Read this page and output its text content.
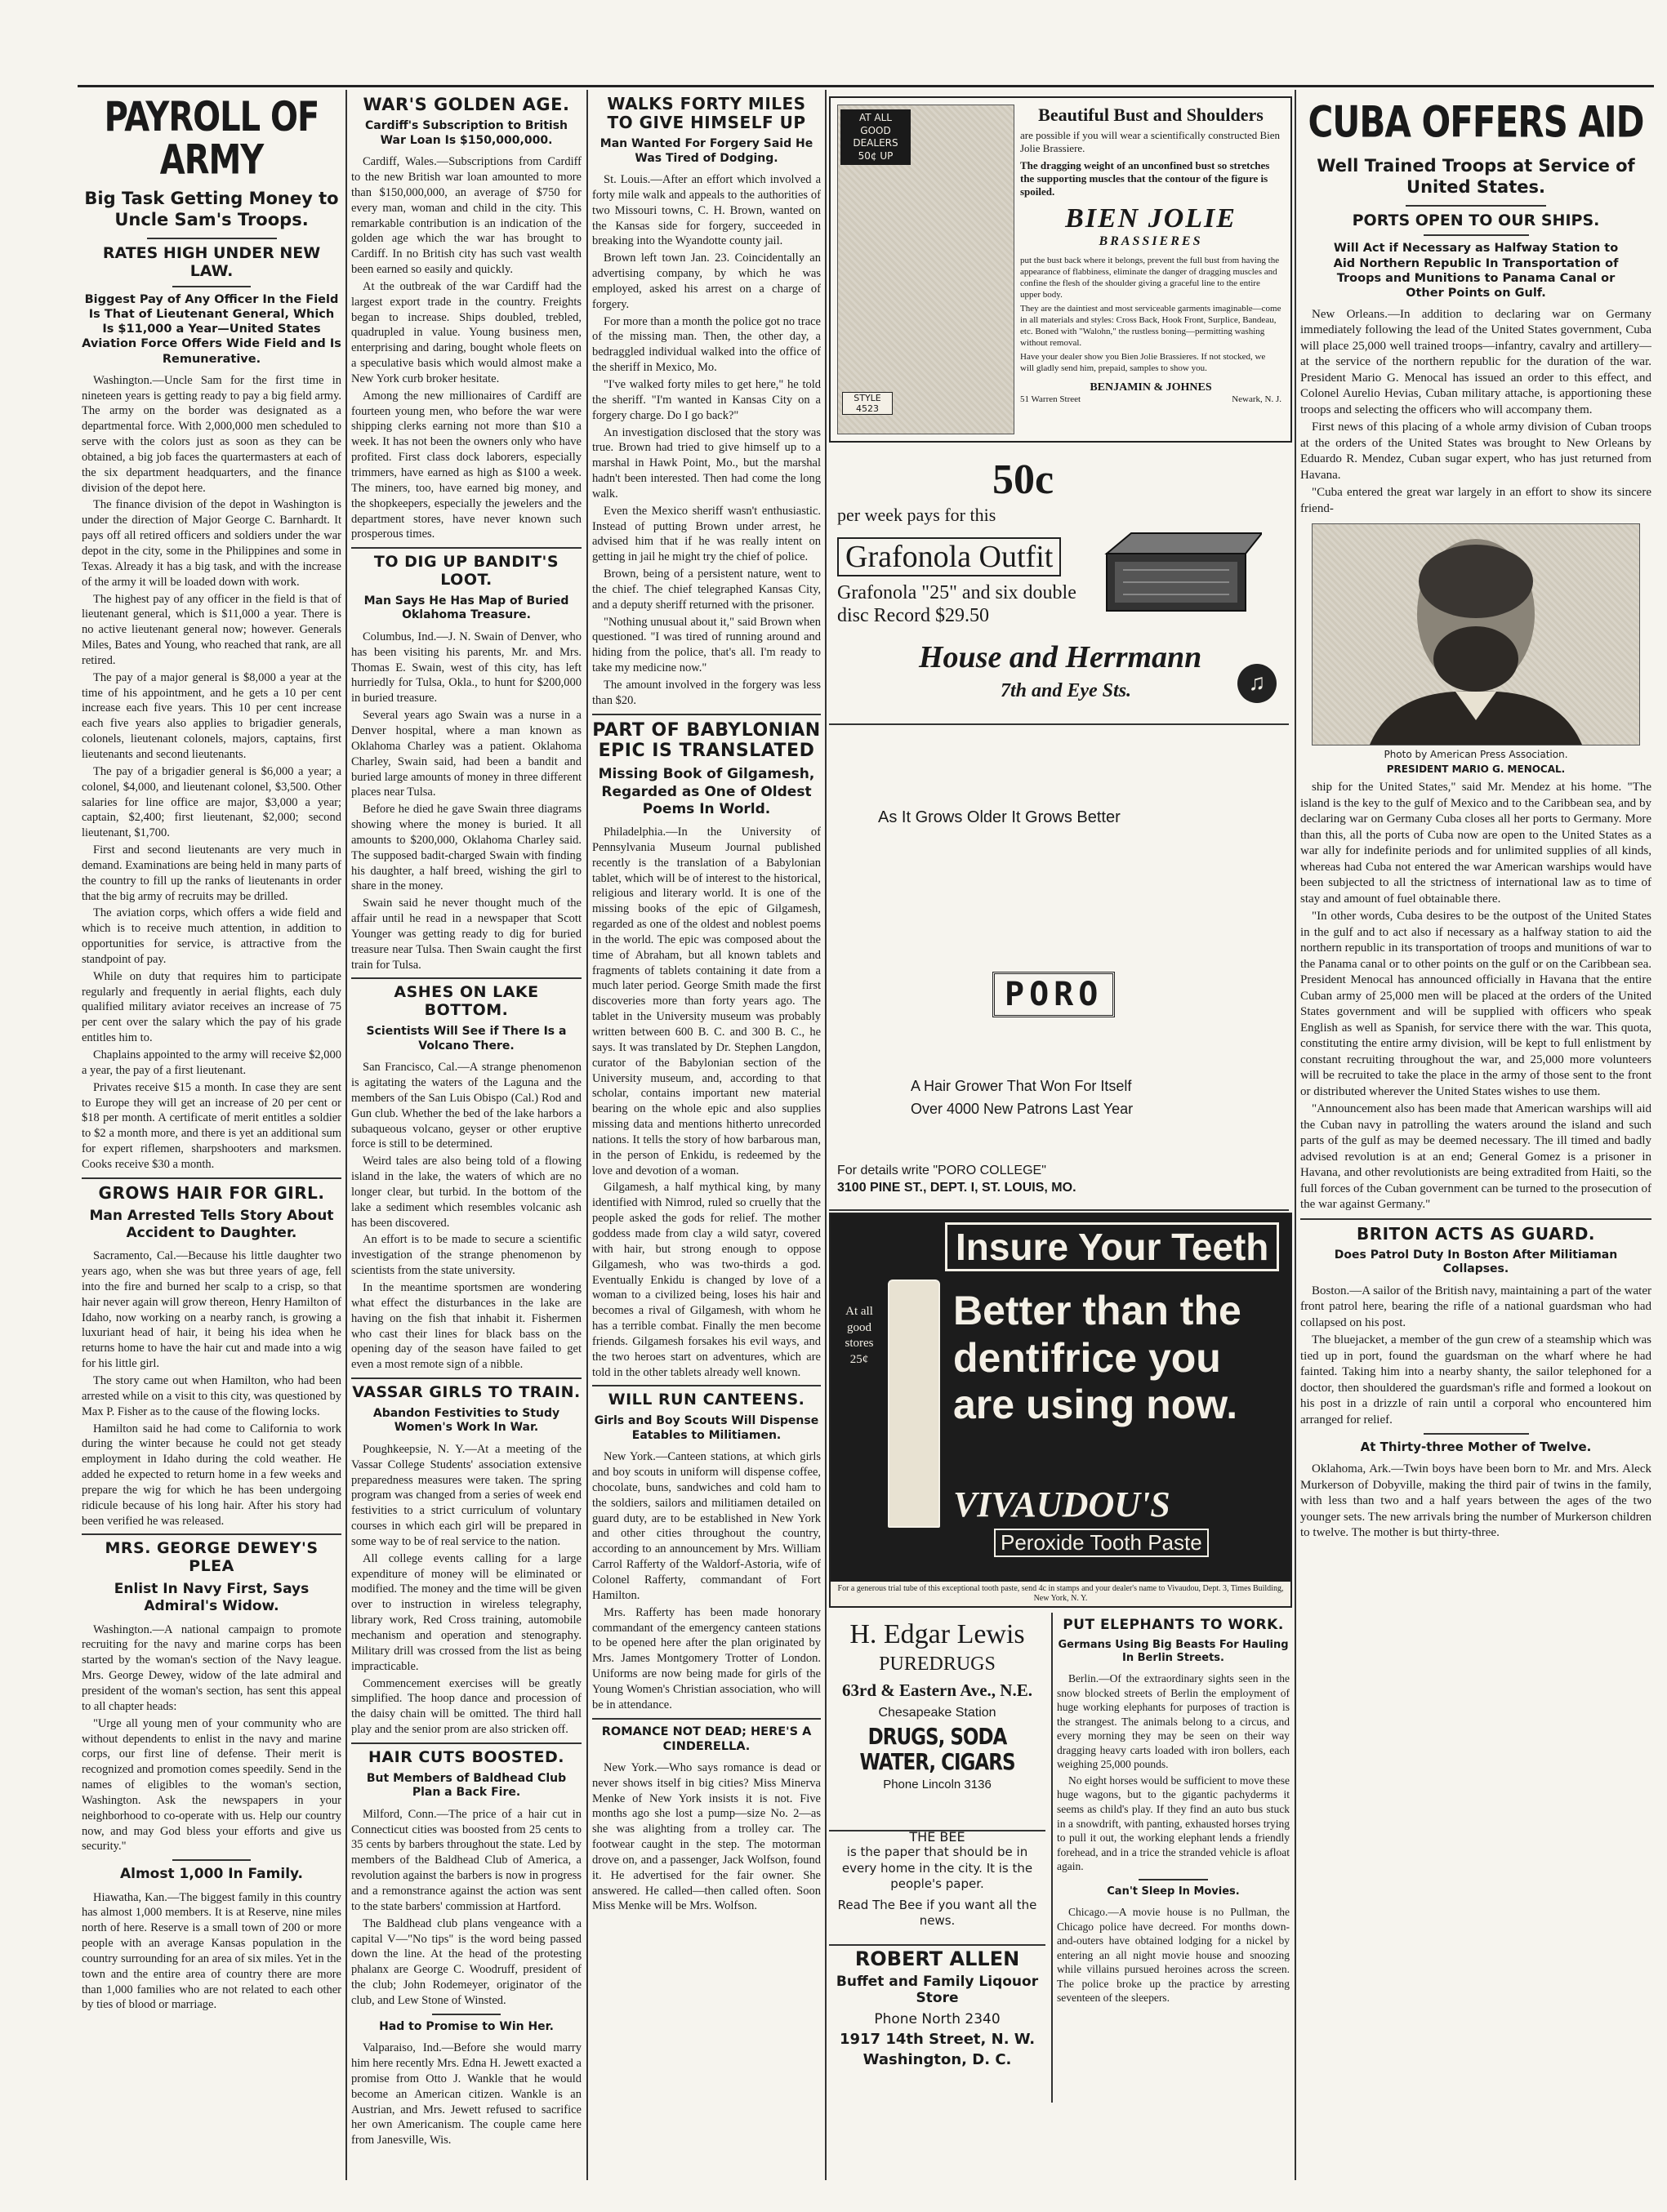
PAYROLL OF ARMY
Big Task Getting Money to Uncle Sam's Troops.
RATES HIGH UNDER NEW LAW.
Biggest Pay of Any Officer In the Field Is That of Lieutenant General, Which Is $11,000 a Year—United States Aviation Force Offers Wide Field and Is Remunerative.

Washington.—Uncle Sam for the first time in nineteen years is getting ready to pay a big field army. The army on the border was designated as a departmental force. With 2,000,000 men scheduled to serve with the colors just as soon as they can be obtained, a big job faces the quartermasters at each of the six department headquarters, and the finance division of the depot here.

The finance division of the depot in Washington is under the direction of Major George C. Barnhardt. It pays off all retired officers and soldiers under the war depot in the city, some in the Philippines and some in Texas. Already it has a big task, and with the increase of the army it will be loaded down with work.

The highest pay of any officer in the field is that of lieutenant general, which is $11,000 a year. There is no active lieutenant general now; however. Generals Miles, Bates and Young, who reached that rank, are all retired.

The pay of a major general is $8,000 a year at the time of his appointment, and he gets a 10 per cent increase each five years. This 10 per cent increase each five years also applies to brigadier generals, colonels, lieutenant colonels, majors, captains, first lieutenants and second lieutenants.

The pay of a brigadier general is $6,000 a year; a colonel, $4,000, and lieutenant colonel, $3,500. Other salaries for line office are major, $3,000 a year; captain, $2,400; first lieutenant, $2,000; second lieutenant, $1,700.

First and second lieutenants are very much in demand. Examinations are being held in many parts of the country to fill up the ranks of lieutenants in order that the big army of recruits may be drilled.

The aviation corps, which offers a wide field and which is to receive much attention, in addition to opportunities for service, is attractive from the standpoint of pay.

While on duty that requires him to participate regularly and frequently in aerial flights, each duly qualified military aviator receives an increase of 75 per cent over the salary which the pay of his grade entitles him to.

Chaplains appointed to the army will receive $2,000 a year, the pay of a first lieutenant.

Privates receive $15 a month. In case they are sent to Europe they will get an increase of 20 per cent or $18 per month. A certificate of merit entitles a soldier to $2 a month more, and there is yet an additional sum for expert riflemen, sharpshooters and marksmen. Cooks receive $30 a month.

GROWS HAIR FOR GIRL.
Man Arrested Tells Story About Accident to Daughter.

Sacramento, Cal.—Because his little daughter two years ago, when she was but three years of age, fell into the fire and burned her scalp to a crisp, so that hair never again will grow thereon, Henry Hamilton of Idaho, now working on a nearby ranch, is growing a luxuriant head of hair, it being his idea when he returns home to have the hair cut and made into a wig for his little girl.

The story came out when Hamilton, who had been arrested while on a visit to this city, was questioned by Max P. Fisher as to the cause of the flowing locks.

Hamilton said he had come to California to work during the winter because he could not get steady employment in Idaho during the cold weather. He added he expected to return home in a few weeks and prepare the wig for which he has been undergoing ridicule because of his long hair. After his story had been verified he was released.

MRS. GEORGE DEWEY'S PLEA
Enlist In Navy First, Says Admiral's Widow.

Washington.—A national campaign to promote recruiting for the navy and marine corps has been started by the woman's section of the Navy league. Mrs. George Dewey, widow of the late admiral and president of the woman's section, has sent this appeal to all chapter heads:

"Urge all young men of your community who are without dependents to enlist in the navy and marine corps, our first line of defense. Their merit is recognized and promotion comes speedily. Send in the names of eligibles to the woman's section, Washington. Ask the newspapers in your neighborhood to co-operate with us. Help our country now, and may God bless your efforts and give us security."

Almost 1,000 In Family.

Hiawatha, Kan.—The biggest family in this country has almost 1,000 members. It is at Reserve, nine miles north of here. Reserve is a small town of 200 or more people with an average Kansas population in the country surrounding for an area of six miles. Yet in the town and the entire area of country there are more than 1,000 families who are not related to each other by ties of blood or marriage.

WAR'S GOLDEN AGE.
Cardiff's Subscription to British War Loan Is $150,000,000.

Cardiff, Wales.—Subscriptions from Cardiff to the new British war loan amounted to more than $150,000,000, an average of $750 for every man, woman and child in the city. This remarkable contribution is an indication of the golden age which the war has brought to Cardiff. In no British city has such vast wealth been earned so easily and quickly.

At the outbreak of the war Cardiff had the largest export trade in the country. Freights began to increase. Ships doubled, trebled, quadrupled in value. Young business men, enterprising and daring, bought whole fleets on a speculative basis which would almost make a New York curb broker hesitate.

Among the new millionaires of Cardiff are fourteen young men, who before the war were shipping clerks earning not more than $10 a week. It has not been the owners only who have profited. First class dock laborers, especially trimmers, have earned as high as $100 a week. The miners, too, have earned big money, and the shopkeepers, especially the jewelers and the department stores, have never known such prosperous times.

TO DIG UP BANDIT'S LOOT.
Man Says He Has Map of Buried Oklahoma Treasure.

Columbus, Ind.—J. N. Swain of Denver, who has been visiting his parents, Mr. and Mrs. Thomas E. Swain, west of this city, has left hurriedly for Tulsa, Okla., to hunt for $200,000 in buried treasure.

Several years ago Swain was a nurse in a Denver hospital, where a man known as Oklahoma Charley was a patient. Oklahoma Charley, Swain said, had been a bandit and buried large amounts of money in three different places near Tulsa.

Before he died he gave Swain three diagrams showing where the money is buried. It all amounts to $200,000, Oklahoma Charley said. The supposed badit-charged Swain with finding his daughter, a half breed, wishing the girl to share in the money.

Swain said he never thought much of the affair until he read in a newspaper that Scott Younger was getting ready to dig for buried treasure near Tulsa. Then Swain caught the first train for Tulsa.

ASHES ON LAKE BOTTOM.
Scientists Will See if There Is a Volcano There.

San Francisco, Cal.—A strange phenomenon is agitating the waters of the Laguna and the members of the San Luis Obispo (Cal.) Rod and Gun club. Whether the bed of the lake harbors a subaqueous volcano, geyser or other eruptive force is still to be determined.

Weird tales are also being told of a flowing island in the lake, the waters of which are no longer clear, but turbid. In the bottom of the lake a sediment which resembles volcanic ash has been discovered.

An effort is to be made to secure a scientific investigation of the strange phenomenon by scientists from the state university.

In the meantime sportsmen are wondering what effect the disturbances in the lake are having on the fish that inhabit it. Fishermen who cast their lines for black bass on the opening day of the season have failed to get even a most remote sign of a nibble.

VASSAR GIRLS TO TRAIN.
Abandon Festivities to Study Women's Work In War.

Poughkeepsie, N. Y.—At a meeting of the Vassar College Students' association extensive preparedness measures were taken. The spring program was changed from a series of week end festivities to a strict curriculum of voluntary courses in which each girl will be prepared in some way to be of real service to the nation.

All college events calling for a large expenditure of money will be eliminated or modified. The money and the time will be given over to instruction in wireless telegraphy, library work, Red Cross training, automobile mechanism and operation and stenography. Military drill was crossed from the list as being impracticable.

Commencement exercises will be greatly simplified. The hoop dance and procession of the daisy chain will be omitted. The third hall play and the senior prom are also stricken off.

HAIR CUTS BOOSTED.
But Members of Baldhead Club Plan a Back Fire.

Milford, Conn.—The price of a hair cut in Connecticut cities was boosted from 25 cents to 35 cents by barbers throughout the state. Led by members of the Baldhead Club of America, a revolution against the barbers is now in progress and a remonstrance against the action was sent to the state barbers' commission at Hartford.

The Baldhead club plans vengeance with a capital V—"No tips" is the word being passed down the line. At the head of the protesting phalanx are George C. Woodruff, president of the club; John Rodemeyer, originator of the club, and Lew Stone of Winsted.

Had to Promise to Win Her.

Valparaiso, Ind.—Before she would marry him here recently Mrs. Edna H. Jewett exacted a promise from Otto J. Wankle that he would become an American citizen. Wankle is an Austrian, and Mrs. Jewett refused to sacrifice her own Americanism. The couple came here from Janesville, Wis.

WALKS FORTY MILES TO GIVE HIMSELF UP
Man Wanted For Forgery Said He Was Tired of Dodging.

St. Louis.—After an effort which involved a forty mile walk and appeals to the authorities of two Missouri towns, C. H. Brown, wanted on the Kansas side for forgery, succeeded in breaking into the Wyandotte county jail.

Brown left town Jan. 23. Coincidentally an advertising company, by which he was employed, asked his arrest on a charge of forgery.

For more than a month the police got no trace of the missing man. Then, the other day, a bedraggled individual walked into the office of the sheriff in Mexico, Mo.

"I've walked forty miles to get here," he told the sheriff. "I'm wanted in Kansas City on a forgery charge. Do I go back?"

An investigation disclosed that the story was true. Brown had tried to give himself up to a marshal in Hawk Point, Mo., but the marshal hadn't been interested. Then had come the long walk.

Even the Mexico sheriff wasn't enthusiastic. Instead of putting Brown under arrest, he advised him that if he was really intent on getting in jail he might try the chief of police.

Brown, being of a persistent nature, went to the chief. The chief telegraphed Kansas City, and a deputy sheriff returned with the prisoner.

"Nothing unusual about it," said Brown when questioned. "I was tired of running around and hiding from the police, that's all. I'm ready to take my medicine now."

The amount involved in the forgery was less than $20.

PART OF BABYLONIAN EPIC IS TRANSLATED
Missing Book of Gilgamesh, Regarded as One of Oldest Poems In World.

Philadelphia.—In the University of Pennsylvania Museum Journal published recently is the translation of a Babylonian tablet, which will be of interest to the historical, religious and literary world. It is one of the missing books of the epic of Gilgamesh, regarded as one of the oldest and noblest poems in the world. The epic was composed about the time of Abraham, but all known tablets and fragments of tablets containing it date from a much later period. George Smith made the first discoveries more than forty years ago. The tablet in the University museum was probably written between 600 B. C. and 300 B. C., he says. It was translated by Dr. Stephen Langdon, curator of the Babylonian section of the University museum, and, according to that scholar, contains important new material bearing on the whole epic and also supplies missing data and mentions hitherto unrecorded nations. It tells the story of how barbarous man, in the person of Enkidu, is redeemed by the love and devotion of a woman.

Gilgamesh, a half mythical king, by many identified with Nimrod, ruled so cruelly that the people asked the gods for relief. The mother goddess made from clay a wild satyr, covered with hair, but strong enough to oppose Gilgamesh, who was two-thirds a god. Eventually Enkidu is changed by love of a woman to a civilized being, loses his hair and becomes a rival of Gilgamesh, with whom he has a terrible combat. Finally the men become friends. Gilgamesh forsakes his evil ways, and the two heroes start on adventures, which are told in the other tablets already well known.

WILL RUN CANTEENS.
Girls and Boy Scouts Will Dispense Eatables to Militiamen.

New York.—Canteen stations, at which girls and boy scouts in uniform will dispense coffee, chocolate, buns, sandwiches and cold ham to the soldiers, sailors and militiamen detailed on guard duty, are to be established in New York and other cities throughout the country, according to an announcement by Mrs. William Carrol Rafferty of the Waldorf-Astoria, wife of Colonel Rafferty, commandant of Fort Hamilton.

Mrs. Rafferty has been made honorary commandant of the emergency canteen stations to be opened here after the plan originated by Mrs. James Montgomery Trotter of London. Uniforms are now being made for girls of the Young Women's Christian association, who will be in attendance.

ROMANCE NOT DEAD; HERE'S A CINDERELLA.

New York.—Who says romance is dead or never shows itself in big cities? Miss Minerva Menke of New York insists it is not. Five months ago she lost a pump—size No. 2—as she was alighting from a trolley car. The footwear caught in the step. The motorman drove on, and a passenger, Jack Wolfson, found it. He advertised for the fair owner. She answered. He called—then called often. Soon Miss Menke will be Mrs. Wolfson.

AT ALL GOOD DEALERS 50¢ UP
STYLE 4523
Beautiful Bust and Shoulders
are possible if you will wear a scientifically constructed Bien Jolie Brassiere.
The dragging weight of an unconfined bust so stretches the supporting muscles that the contour of the figure is spoiled.
BIEN JOLIE
BRASSIERES
put the bust back where it belongs, prevent the full bust from having the appearance of flabbiness, eliminate the danger of dragging muscles and confine the flesh of the shoulder giving a graceful line to the entire upper body.
They are the daintiest and most serviceable garments imaginable—come in all materials and styles: Cross Back, Hook Front, Surplice, Bandeau, etc. Boned with "Walohn," the rustless boning—permitting washing without removal.
Have your dealer show you Bien Jolie Brassieres. If not stocked, we will gladly send him, prepaid, samples to show you.
BENJAMIN & JOHNES
51 Warren Street	Newark, N. J.
50c
per week pays for this
Grafonola Outfit
Grafonola "25" and six double disc Record $29.50
House and Herrmann
7th and Eye Sts.	♫
As It Grows Older It Grows Better
PORO
A Hair Grower That Won For Itself
Over 4000 New Patrons Last Year
For details write "PORO COLLEGE"
3100 PINE ST., DEPT. I, ST. LOUIS, MO.
Insure Your Teeth
At all good stores 25¢
Better than the dentifrice you are using now.
VIVAUDOU'S
Peroxide Tooth Paste
For a generous trial tube of this exceptional tooth paste, send 4c in stamps and your dealer's name to Vivaudou, Dept. 3, Times Building, New York, N. Y.
H. Edgar Lewis
PUREDRUGS
63rd & Eastern Ave., N.E.
Chesapeake Station
DRUGS, SODA WATER, CIGARS
Phone Lincoln 3136
THE BEE
is the paper that should be in every home in the city. It is the people's paper.
Read The Bee if you want all the news.
ROBERT ALLEN
Buffet and Family Liqouor Store
Phone North 2340
1917 14th Street, N. W.
Washington, D. C.
PUT ELEPHANTS TO WORK.
Germans Using Big Beasts For Hauling In Berlin Streets.

Berlin.—Of the extraordinary sights seen in the snow blocked streets of Berlin the employment of huge working elephants for purposes of traction is the strangest. The animals belong to a circus, and every morning they may be seen on their way dragging heavy carts loaded with iron bollers, each weighing 25,000 pounds.

No eight horses would be sufficient to move these huge wagons, but to the gigantic pachyderms it seems as child's play. If they find an auto bus stuck in a snowdrift, with panting, exhausted horses trying to pull it out, the working elephant lends a friendly forehead, and in a trice the stranded vehicle is afloat again.

Can't Sleep In Movies.

Chicago.—A movie house is no Pullman, the Chicago police have decreed. For months down-and-outers have obtained lodging for a nickel by entering an all night movie house and snoozing while villains pursued heroines across the screen. The police broke up the practice by arresting seventeen of the sleepers.

CUBA OFFERS AID
Well Trained Troops at Service of United States.
PORTS OPEN TO OUR SHIPS.
Will Act if Necessary as Halfway Station to Aid Northern Republic In Transportation of Troops and Munitions to Panama Canal or Other Points on Gulf.

New Orleans.—In addition to declaring war on Germany immediately following the lead of the United States government, Cuba will place 25,000 well trained troops—infantry, cavalry and artillery—at the service of the northern republic for the duration of the war. President Mario G. Menocal has issued an order to this effect, and Colonel Aurelio Hevias, Cuban military attache, is apportioning these troops and selecting the officers who will accompany them.

First news of this placing of a whole army division of Cuban troops at the orders of the United States was brought to New Orleans by Eduardo R. Mendez, Cuban sugar expert, who has just returned from Havana.

"Cuba entered the great war largely in an effort to show its sincere friend-

Photo by American Press Association.
PRESIDENT MARIO G. MENOCAL.

ship for the United States," said Mr. Mendez at his home. "The island is the key to the gulf of Mexico and to the Caribbean sea, and by declaring war on Germany Cuba closes all her ports to Germany. More than this, all the ports of Cuba now are open to the United States as a war ally for indefinite periods and for unlimited supplies of all kinds, whereas had Cuba not entered the war American warships would have been subjected to all the strictness of international law as to time of stay and amount of fuel obtainable there.

"In other words, Cuba desires to be the outpost of the United States in the gulf and to act also if necessary as a halfway station to aid the northern republic in its transportation of troops and munitions of war to the Panama canal or to other points on the gulf or on the Caribbean sea. President Menocal has announced officially in Havana that the entire Cuban army of 25,000 men will be placed at the orders of the United States government and will be supplied with officers who speak English as well as Spanish, for service there with the war. This quota, constituting the entire army division, will be kept to full enlistment by constant recruiting throughout the war, and 25,000 more volunteers will be recruited to take the place in the army of those sent to the front or distributed wherever the United States wishes to use them.

"Announcement also has been made that American warships will aid the Cuban navy in patrolling the waters around the island and such parts of the gulf as may be deemed necessary. The ill timed and badly advised revolution is at an end; General Gomez is a prisoner in Havana, and other revolutionists are being extradited from Haiti, so the full forces of the Cuban government can be turned to the prosecution of the war against Germany."

BRITON ACTS AS GUARD.
Does Patrol Duty In Boston After Militiaman Collapses.

Boston.—A sailor of the British navy, maintaining a part of the water front patrol here, bearing the rifle of a national guardsman who had collapsed on his post.

The bluejacket, a member of the gun crew of a steamship which was tied up in port, found the guardsman on the wharf where he had fainted. Taking him into a nearby shanty, the sailor telephoned for a doctor, then shouldered the guardsman's rifle and formed a lookout on his post in a drizzle of rain until a corporal who encountered him arranged for relief.

At Thirty-three Mother of Twelve.

Oklahoma, Ark.—Twin boys have been born to Mr. and Mrs. Aleck Murkerson of Dobyville, making the third pair of twins in the family, with less than two and a half years between the ages of the two younger sets. The new arrivals bring the number of Murkerson children to twelve. The mother is but thirty-three.
